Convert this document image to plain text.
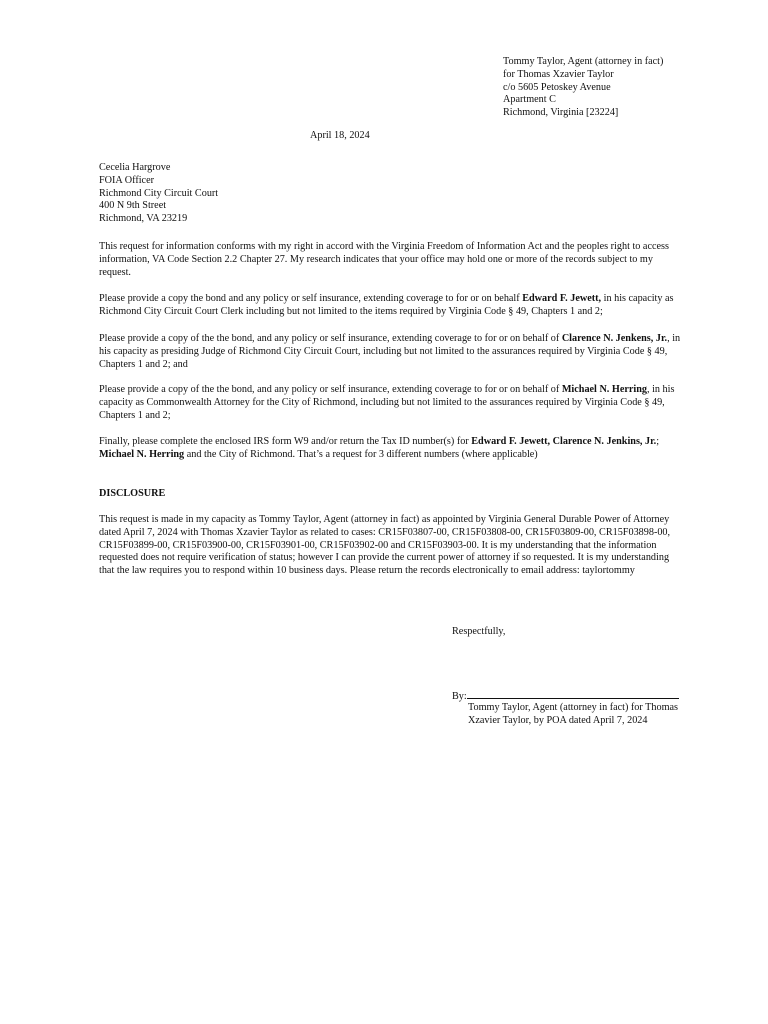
Tommy Taylor, Agent (attorney in fact)
for Thomas Xzavier Taylor
c/o 5605 Petoskey Avenue
Apartment C
Richmond, Virginia [23224]
April 18, 2024
Cecelia Hargrove
FOIA Officer
Richmond City Circuit Court
400 N 9th Street
Richmond, VA 23219
This request for information conforms with my right in accord with the Virginia Freedom of Information Act and the peoples right to access information, VA Code Section 2.2 Chapter 27. My research indicates that your office may hold one or more of the records subject to my request.
Please provide a copy the bond and any policy or self insurance, extending coverage to for or on behalf Edward F. Jewett, in his capacity as Richmond City Circuit Court Clerk including but not limited to the items required by Virginia Code § 49, Chapters 1 and 2;
Please provide a copy of the the bond, and any policy or self insurance, extending coverage to for or on behalf of Clarence N. Jenkens, Jr., in his capacity as presiding Judge of Richmond City Circuit Court, including but not limited to the assurances required by Virginia Code § 49, Chapters 1 and 2; and
Please provide a copy of the the bond, and any policy or self insurance, extending coverage to for or on behalf of Michael N. Herring, in his capacity as Commonwealth Attorney for the City of Richmond, including but not limited to the assurances required by Virginia Code § 49, Chapters 1 and 2;
Finally, please complete the enclosed IRS form W9 and/or return the Tax ID number(s) for Edward F. Jewett, Clarence N. Jenkins, Jr.; Michael N. Herring and the City of Richmond. That’s a request for 3 different numbers (where applicable)
DISCLOSURE
This request is made in my capacity as Tommy Taylor, Agent (attorney in fact) as appointed by Virginia General Durable Power of Attorney dated April 7, 2024 with Thomas Xzavier Taylor as related to cases: CR15F03807-00, CR15F03808-00, CR15F03809-00, CR15F03898-00, CR15F03899-00, CR15F03900-00, CR15F03901-00, CR15F03902-00 and CR15F03903-00. It is my understanding that the information requested does not require verification of status; however I can provide the current power of attorney if so requested. It is my understanding that the law requires you to respond within 10 business days. Please return the records electronically to email address: taylortommy
Respectfully,
By:
Tommy Taylor, Agent (attorney in fact) for Thomas Xzavier Taylor, by POA dated April 7, 2024
